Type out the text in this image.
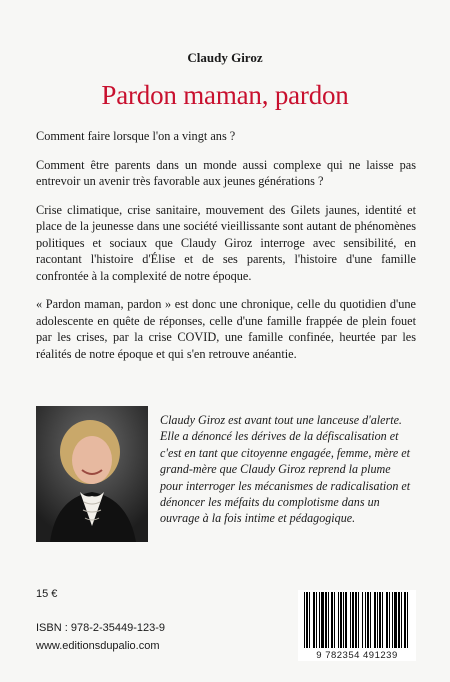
Claudy Giroz
Pardon maman, pardon

Comment faire lorsque l'on a vingt ans ?

Comment être parents dans un monde aussi complexe qui ne laisse pas entrevoir un avenir très favorable aux jeunes générations ?

Crise climatique, crise sanitaire, mouvement des Gilets jaunes, identité et place de la jeunesse dans une société vieillissante sont autant de phénomènes politiques et sociaux que Claudy Giroz interroge avec sensibilité, en racontant l'histoire d'Élise et de ses parents, l'histoire d'une famille confrontée à la complexité de notre époque.

« Pardon maman, pardon » est donc une chronique, celle du quotidien d'une adolescente en quête de réponses, celle d'une famille frappée de plein fouet par les crises, par la crise COVID, une famille confinée, heurtée par les réalités de notre époque et qui s'en retrouve anéantie.

Claudy Giroz est avant tout une lanceuse d'alerte. Elle a dénoncé les dérives de la défiscalisation et c'est en tant que citoyenne engagée, femme, mère et grand-mère que Claudy Giroz reprend la plume pour interroger les mécanismes de radicalisation et dénoncer les méfaits du complotisme dans un ouvrage à la fois intime et pédagogique.
15 €
ISBN : 978-2-35449-123-9
www.editionsdupalio.com
9 782354 491239
